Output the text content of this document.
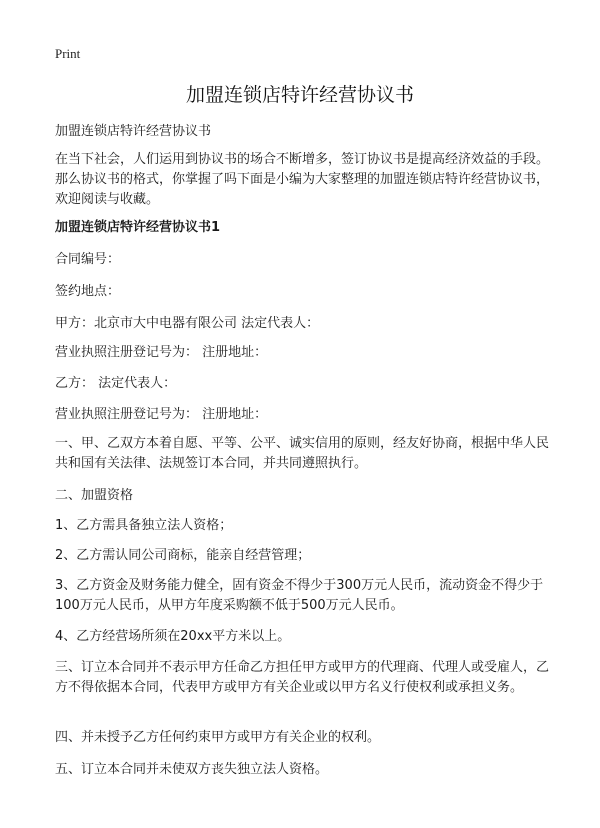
Print
加盟连锁店特许经营协议书
加盟连锁店特许经营协议书
在当下社会，人们运用到协议书的场合不断增多，签订协议书是提高经济效益的手段。那么协议书的格式，你掌握了吗下面是小编为大家整理的加盟连锁店特许经营协议书，欢迎阅读与收藏。
加盟连锁店特许经营协议书1
合同编号：
签约地点：
甲方：北京市大中电器有限公司 法定代表人：
营业执照注册登记号为： 注册地址：
乙方： 法定代表人：
营业执照注册登记号为： 注册地址：
一、甲、乙双方本着自愿、平等、公平、诚实信用的原则，经友好协商，根据中华人民共和国有关法律、法规签订本合同，并共同遵照执行。
二、加盟资格
1、乙方需具备独立法人资格；
2、乙方需认同公司商标，能亲自经营管理；
3、乙方资金及财务能力健全，固有资金不得少于300万元人民币，流动资金不得少于100万元人民币，从甲方年度采购额不低于500万元人民币。
4、乙方经营场所须在20xx平方米以上。
三、订立本合同并不表示甲方任命乙方担任甲方或甲方的代理商、代理人或受雇人，乙方不得依据本合同，代表甲方或甲方有关企业或以甲方名义行使权利或承担义务。
四、并未授予乙方任何约束甲方或甲方有关企业的权利。
五、订立本合同并未使双方丧失独立法人资格。
